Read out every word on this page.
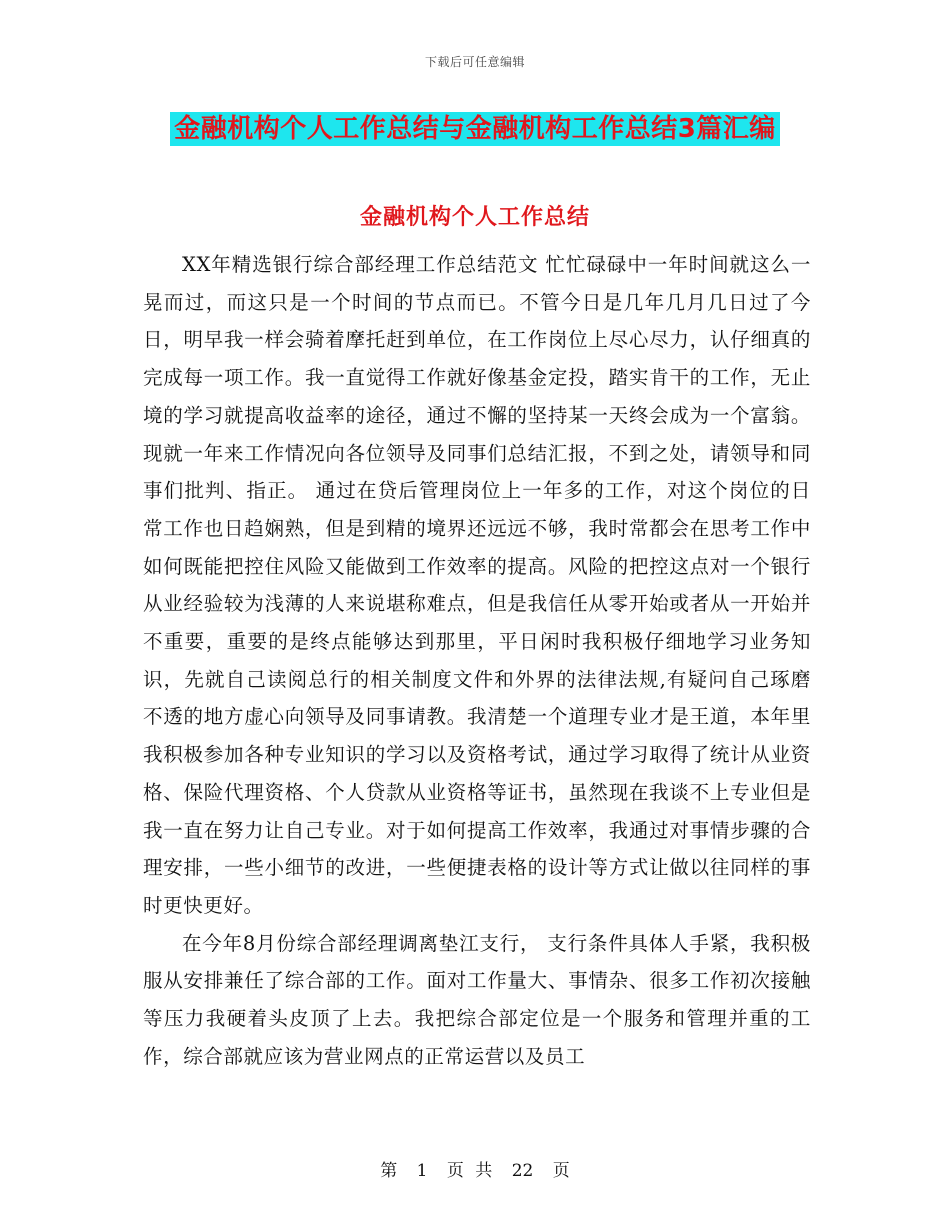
下载后可任意编辑
金融机构个人工作总结与金融机构工作总结3篇汇编
金融机构个人工作总结

XX年精选银行综合部经理工作总结范文 忙忙碌碌中一年时间就这么一晃而过，而这只是一个时间的节点而已。不管今日是几年几月几日过了今日，明早我一样会骑着摩托赶到单位，在工作岗位上尽心尽力，认仔细真的完成每一项工作。我一直觉得工作就好像基金定投，踏实肯干的工作，无止境的学习就提高收益率的途径，通过不懈的坚持某一天终会成为一个富翁。现就一年来工作情况向各位领导及同事们总结汇报，不到之处，请领导和同事们批判、指正。 通过在贷后管理岗位上一年多的工作，对这个岗位的日常工作也日趋娴熟，但是到精的境界还远远不够，我时常都会在思考工作中如何既能把控住风险又能做到工作效率的提高。风险的把控这点对一个银行从业经验较为浅薄的人来说堪称难点，但是我信任从零开始或者从一开始并不重要，重要的是终点能够达到那里，平日闲时我积极仔细地学习业务知识，先就自己读阅总行的相关制度文件和外界的法律法规,有疑问自己琢磨不透的地方虚心向领导及同事请教。我清楚一个道理专业才是王道，本年里我积极参加各种专业知识的学习以及资格考试，通过学习取得了统计从业资格、保险代理资格、个人贷款从业资格等证书，虽然现在我谈不上专业但是我一直在努力让自己专业。对于如何提高工作效率，我通过对事情步骤的合理安排，一些小细节的改进，一些便捷表格的设计等方式让做以往同样的事时更快更好。

在今年8月份综合部经理调离垫江支行， 支行条件具体人手紧，我积极服从安排兼任了综合部的工作。面对工作量大、事情杂、很多工作初次接触等压力我硬着头皮顶了上去。我把综合部定位是一个服务和管理并重的工作，综合部就应该为营业网点的正常运营以及员工

第 1 页 共 22 页
